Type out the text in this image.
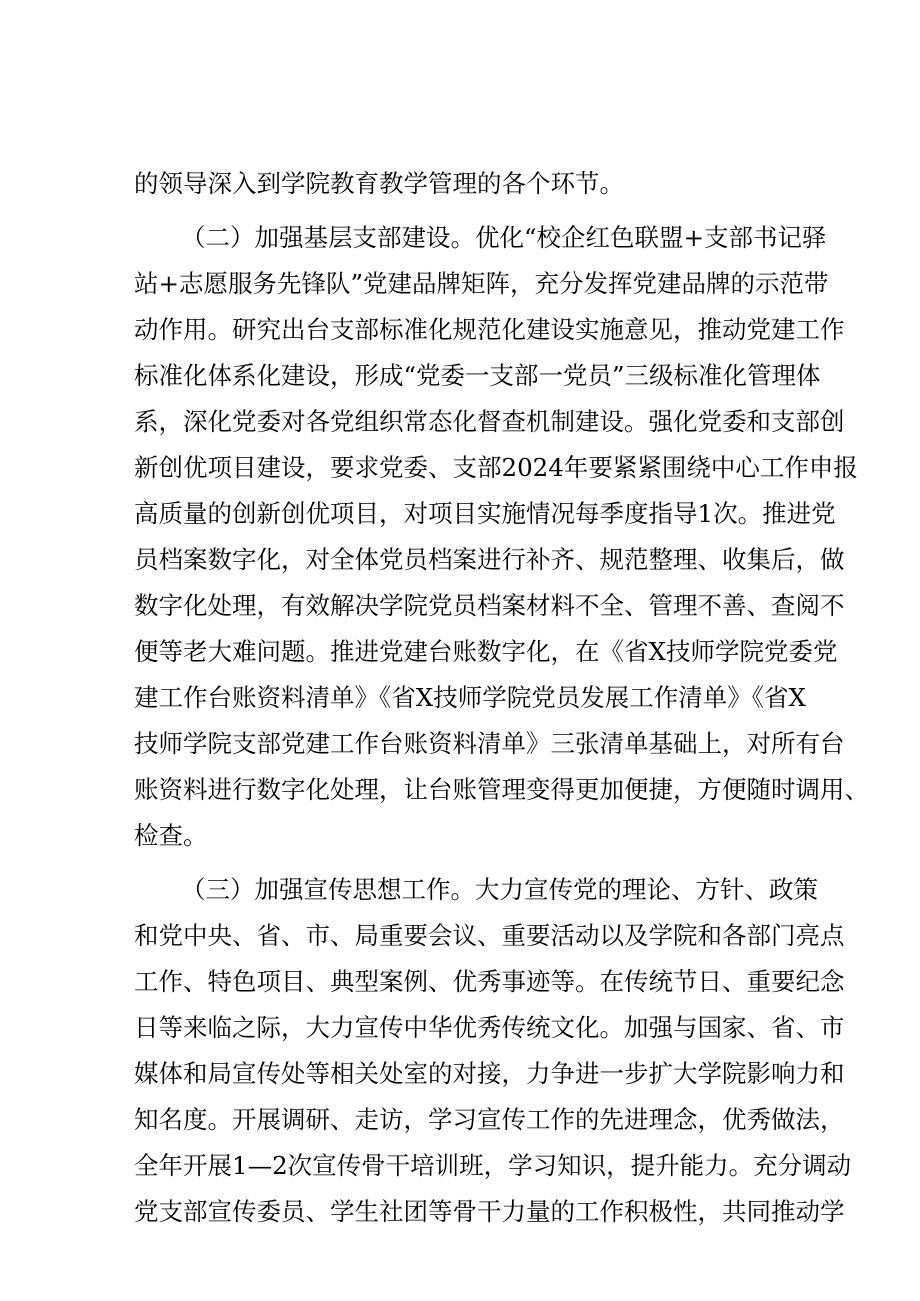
的领导深入到学院教育教学管理的各个环节。
（二）加强基层支部建设。优化“校企红色联盟+支部书记驿
站+志愿服务先锋队”党建品牌矩阵，充分发挥党建品牌的示范带
动作用。研究出台支部标准化规范化建设实施意见，推动党建工作
标准化体系化建设，形成“党委一支部一党员”三级标准化管理体
系，深化党委对各党组织常态化督查机制建设。强化党委和支部创
新创优项目建设，要求党委、支部2024年要紧紧围绕中心工作申报
高质量的创新创优项目，对项目实施情况每季度指导1次。推进党
员档案数字化，对全体党员档案进行补齐、规范整理、收集后，做
数字化处理，有效解决学院党员档案材料不全、管理不善、查阅不
便等老大难问题。推进党建台账数字化，在《省X技师学院党委党
建工作台账资料清单》《省X技师学院党员发展工作清单》《省X
技师学院支部党建工作台账资料清单》三张清单基础上，对所有台
账资料进行数字化处理，让台账管理变得更加便捷，方便随时调用、
检查。
（三）加强宣传思想工作。大力宣传党的理论、方针、政策
和党中央、省、市、局重要会议、重要活动以及学院和各部门亮点
工作、特色项目、典型案例、优秀事迹等。在传统节日、重要纪念
日等来临之际，大力宣传中华优秀传统文化。加强与国家、省、市
媒体和局宣传处等相关处室的对接，力争进一步扩大学院影响力和
知名度。开展调研、走访，学习宣传工作的先进理念，优秀做法，
全年开展1—2次宣传骨干培训班，学习知识，提升能力。充分调动
党支部宣传委员、学生社团等骨干力量的工作积极性，共同推动学
